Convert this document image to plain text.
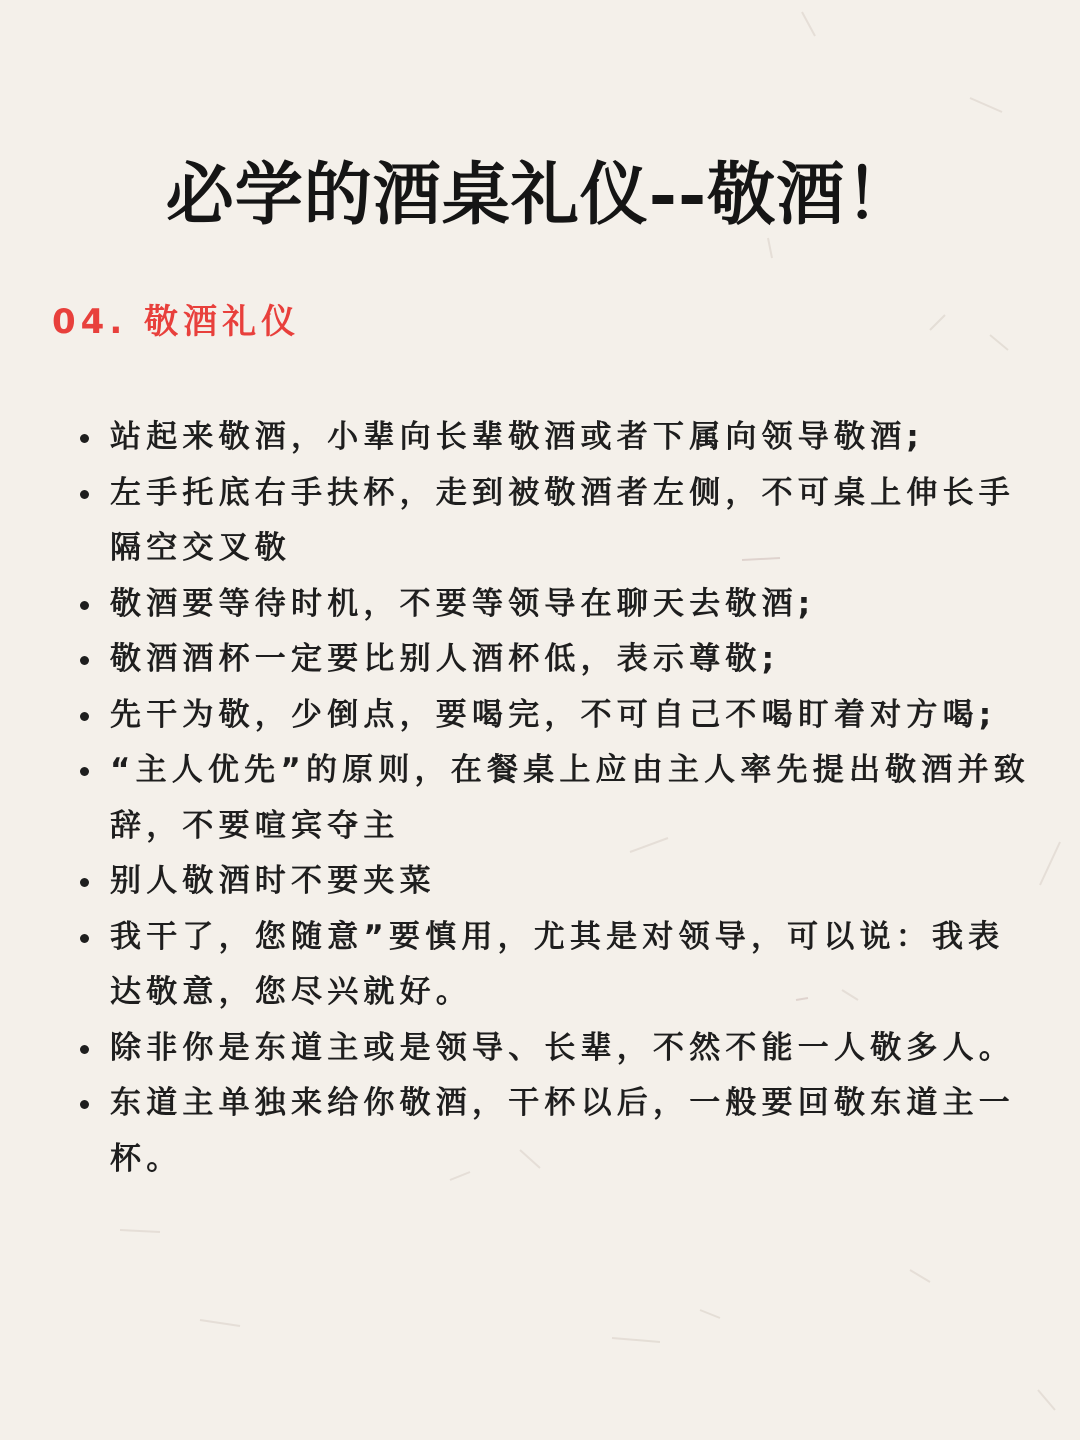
必学的酒桌礼仪--敬酒！
04. 敬酒礼仪
站起来敬酒，小辈向长辈敬酒或者下属向领导敬酒;
左手托底右手扶杯，走到被敬酒者左侧，不可桌上伸长手隔空交叉敬
敬酒要等待时机，不要等领导在聊天去敬酒;
敬酒酒杯一定要比别人酒杯低，表示尊敬;
先干为敬，少倒点，要喝完，不可自己不喝盯着对方喝;
“主人优先”的原则，在餐桌上应由主人率先提出敬酒并致辞，不要喧宾夺主
别人敬酒时不要夹菜
我干了，您随意”要慎用，尤其是对领导，可以说：我表达敬意，您尽兴就好。
除非你是东道主或是领导、长辈，不然不能一人敬多人。
东道主单独来给你敬酒，干杯以后，一般要回敬东道主一杯。
